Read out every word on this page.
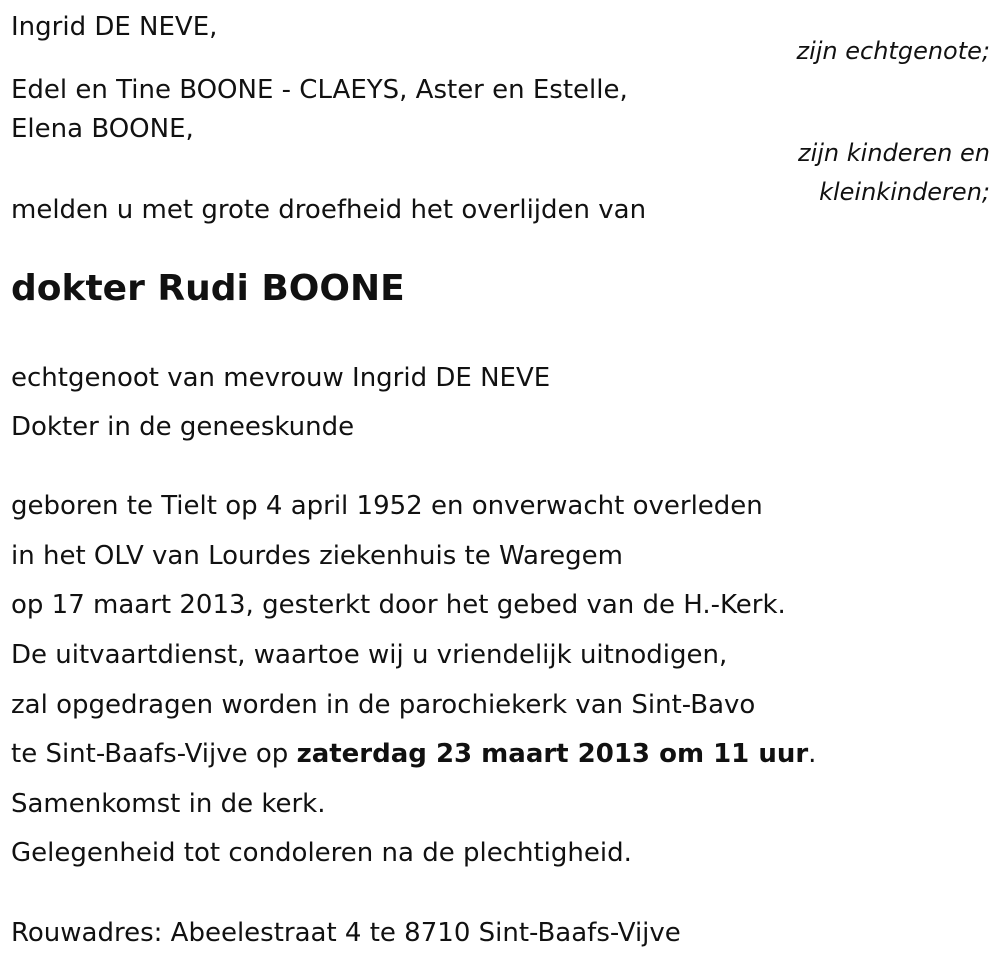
Ingrid DE NEVE,
zijn echtgenote;
Edel en Tine BOONE - CLAEYS, Aster en Estelle,
Elena BOONE,
zijn kinderen en
kleinkinderen;
melden u met grote droefheid het overlijden van
dokter Rudi BOONE
echtgenoot van mevrouw Ingrid DE NEVE
Dokter in de geneeskunde
geboren te Tielt op 4 april 1952 en onverwacht overleden
in het OLV van Lourdes ziekenhuis te Waregem
op 17 maart 2013, gesterkt door het gebed van de H.-Kerk.
De uitvaartdienst, waartoe wij u vriendelijk uitnodigen,
zal opgedragen worden in de parochiekerk van Sint-Bavo
te Sint-Baafs-Vijve op zaterdag 23 maart 2013 om 11 uur.
Samenkomst in de kerk.
Gelegenheid tot condoleren na de plechtigheid.
Rouwadres: Abeelestraat 4 te 8710 Sint-Baafs-Vijve
